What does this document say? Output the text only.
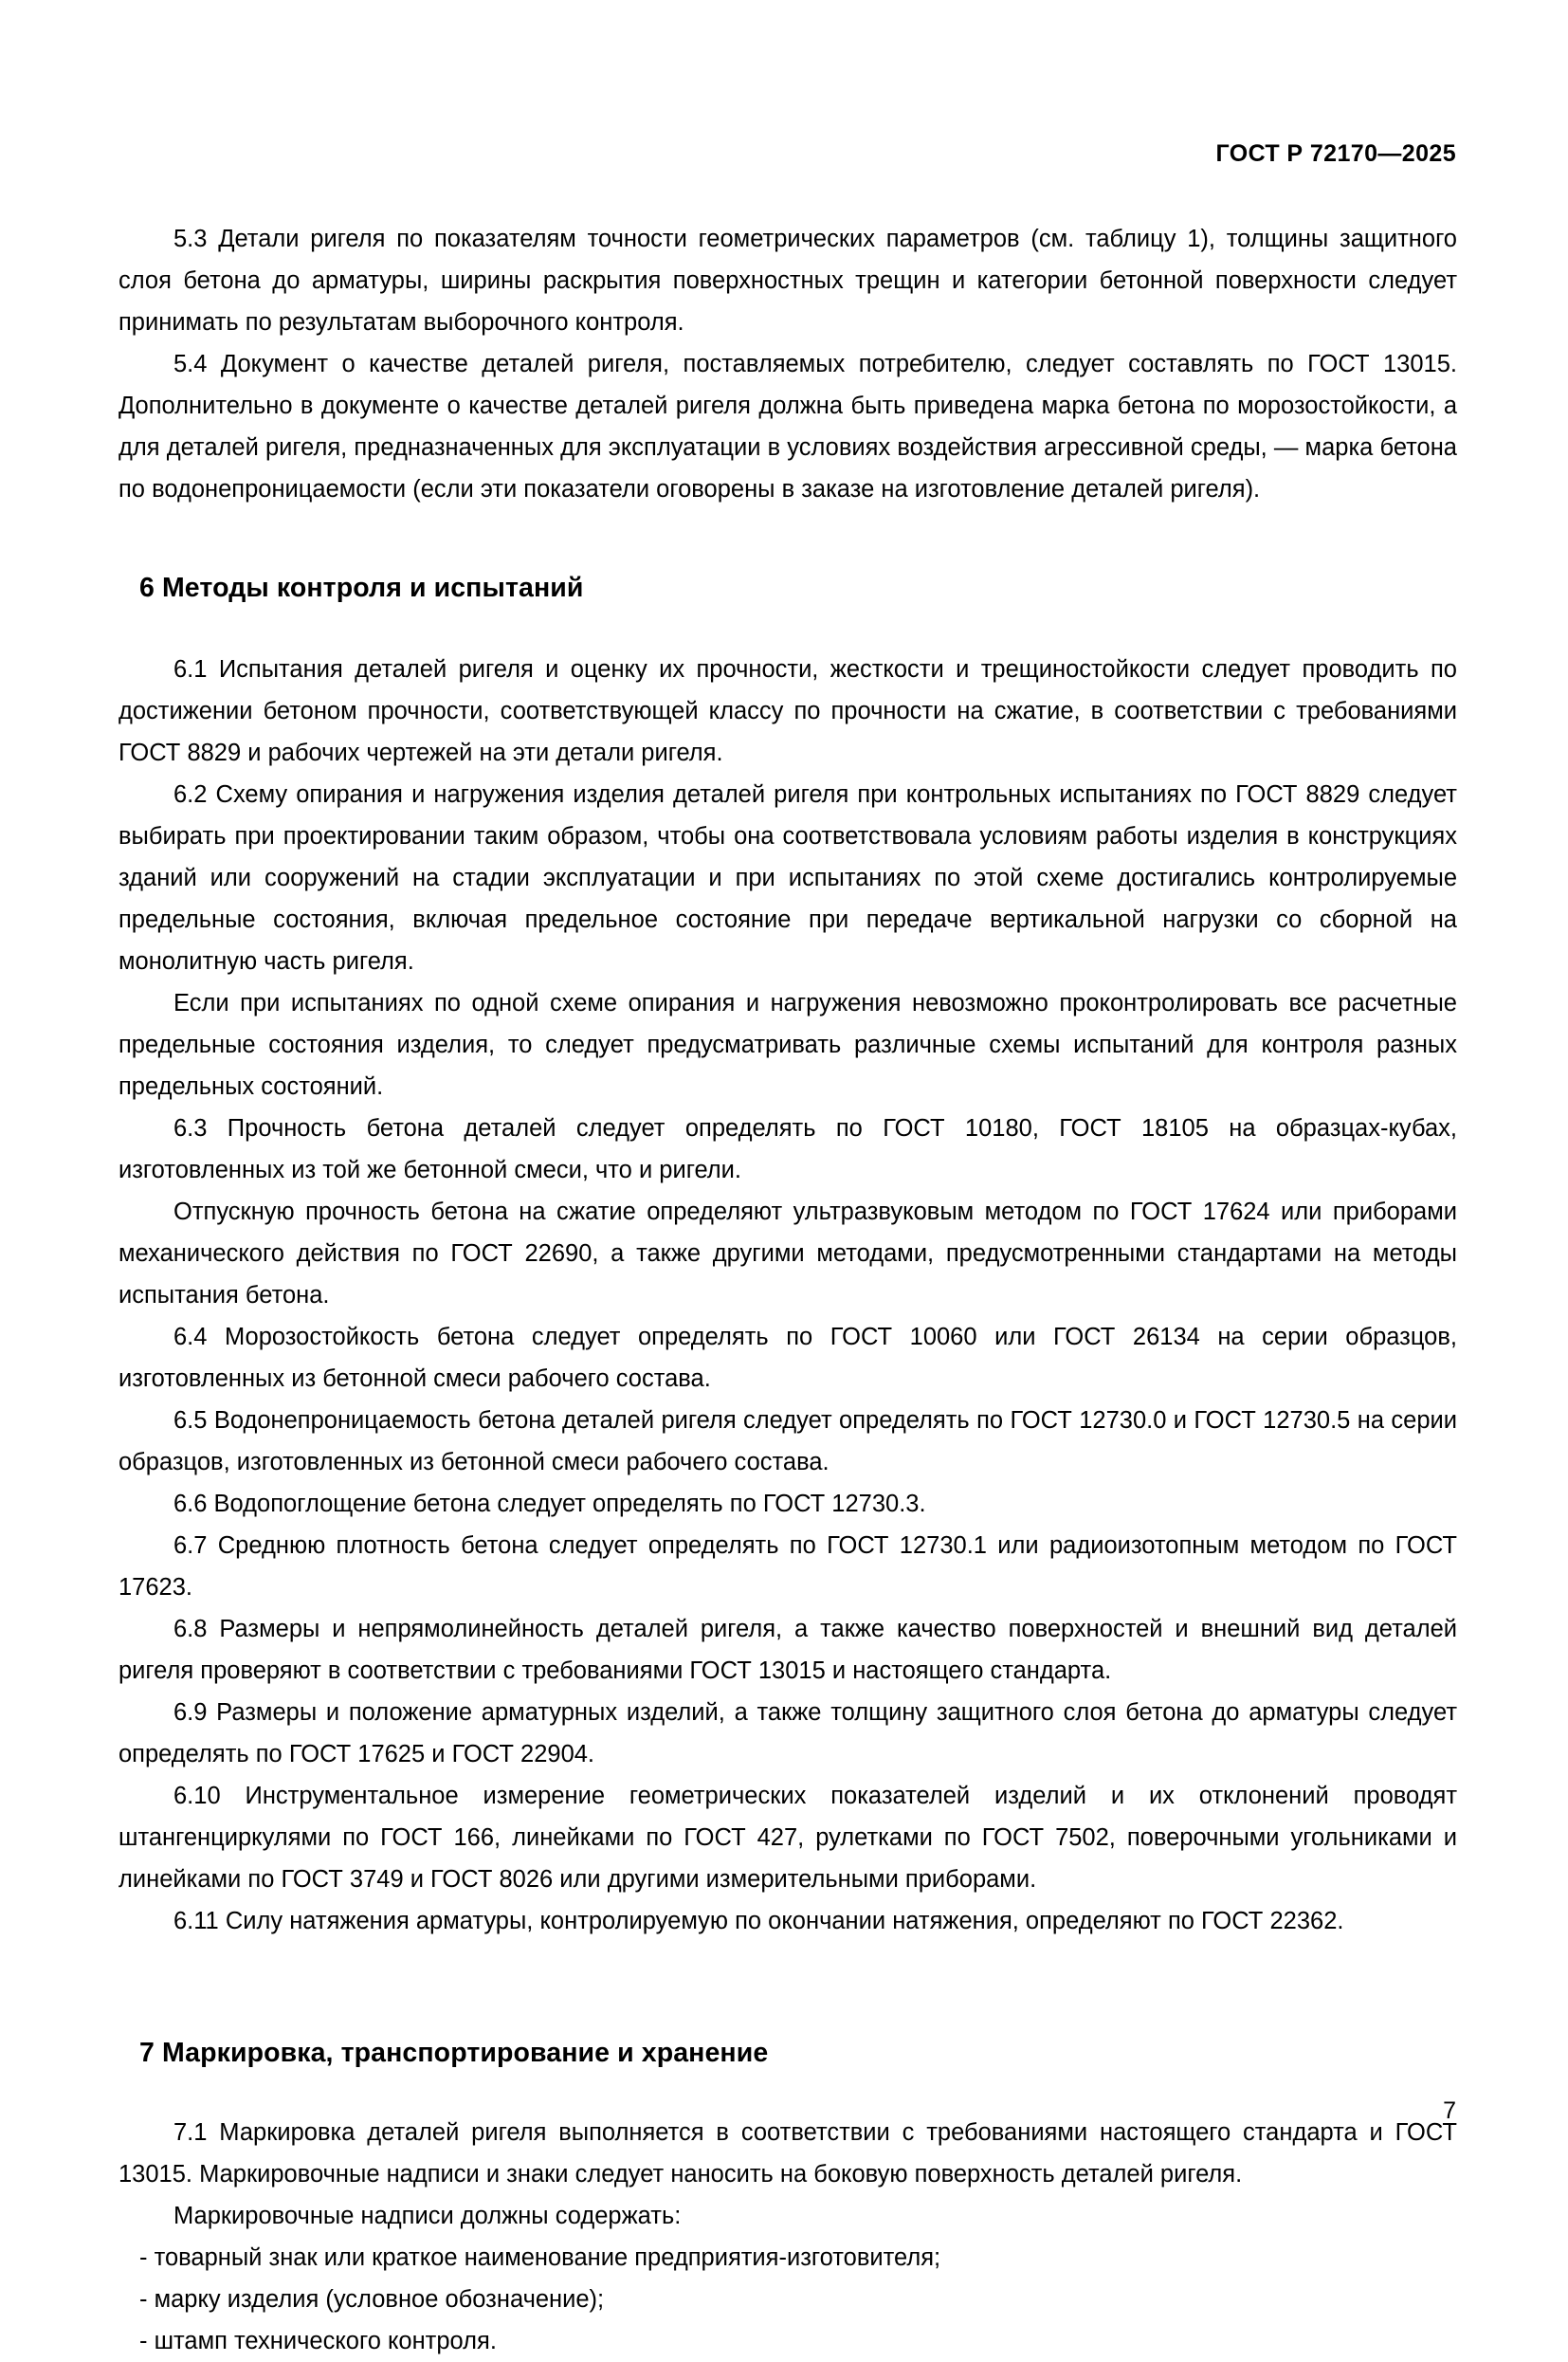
ГОСТ Р 72170—2025

5.3 Детали ригеля по показателям точности геометрических параметров (см. таблицу 1), толщины защитного слоя бетона до арматуры, ширины раскрытия поверхностных трещин и категории бетонной поверхности следует принимать по результатам выборочного контроля.

5.4 Документ о качестве деталей ригеля, поставляемых потребителю, следует составлять по ГОСТ 13015. Дополнительно в документе о качестве деталей ригеля должна быть приведена марка бетона по морозостойкости, а для деталей ригеля, предназначенных для эксплуатации в условиях воздействия агрессивной среды, — марка бетона по водонепроницаемости (если эти показатели оговорены в заказе на изготовление деталей ригеля).

6 Методы контроля и испытаний

6.1 Испытания деталей ригеля и оценку их прочности, жесткости и трещиностойкости следует проводить по достижении бетоном прочности, соответствующей классу по прочности на сжатие, в соответствии с требованиями ГОСТ 8829 и рабочих чертежей на эти детали ригеля.

6.2 Схему опирания и нагружения изделия деталей ригеля при контрольных испытаниях по ГОСТ 8829 следует выбирать при проектировании таким образом, чтобы она соответствовала условиям работы изделия в конструкциях зданий или сооружений на стадии эксплуатации и при испытаниях по этой схеме достигались контролируемые предельные состояния, включая предельное состояние при передаче вертикальной нагрузки со сборной на монолитную часть ригеля.

Если при испытаниях по одной схеме опирания и нагружения невозможно проконтролировать все расчетные предельные состояния изделия, то следует предусматривать различные схемы испытаний для контроля разных предельных состояний.

6.3 Прочность бетона деталей следует определять по ГОСТ 10180, ГОСТ 18105 на образцах-кубах, изготовленных из той же бетонной смеси, что и ригели.

Отпускную прочность бетона на сжатие определяют ультразвуковым методом по ГОСТ 17624 или приборами механического действия по ГОСТ 22690, а также другими методами, предусмотренными стандартами на методы испытания бетона.

6.4 Морозостойкость бетона следует определять по ГОСТ 10060 или ГОСТ 26134 на серии образцов, изготовленных из бетонной смеси рабочего состава.

6.5 Водонепроницаемость бетона деталей ригеля следует определять по ГОСТ 12730.0 и ГОСТ 12730.5 на серии образцов, изготовленных из бетонной смеси рабочего состава.

6.6 Водопоглощение бетона следует определять по ГОСТ 12730.3.

6.7 Среднюю плотность бетона следует определять по ГОСТ 12730.1 или радиоизотопным методом по ГОСТ 17623.

6.8 Размеры и непрямолинейность деталей ригеля, а также качество поверхностей и внешний вид деталей ригеля проверяют в соответствии с требованиями ГОСТ 13015 и настоящего стандарта.

6.9 Размеры и положение арматурных изделий, а также толщину защитного слоя бетона до арматуры следует определять по ГОСТ 17625 и ГОСТ 22904.

6.10 Инструментальное измерение геометрических показателей изделий и их отклонений проводят штангенциркулями по ГОСТ 166, линейками по ГОСТ 427, рулетками по ГОСТ 7502, поверочными угольниками и линейками по ГОСТ 3749 и ГОСТ 8026 или другими измерительными приборами.

6.11 Силу натяжения арматуры, контролируемую по окончании натяжения, определяют по ГОСТ 22362.

7 Маркировка, транспортирование и хранение

7.1 Маркировка деталей ригеля выполняется в соответствии с требованиями настоящего стандарта и ГОСТ 13015. Маркировочные надписи и знаки следует наносить на боковую поверхность деталей ригеля.

Маркировочные надписи должны содержать:

- товарный знак или краткое наименование предприятия-изготовителя;

- марку изделия (условное обозначение);

- штамп технического контроля.

7
